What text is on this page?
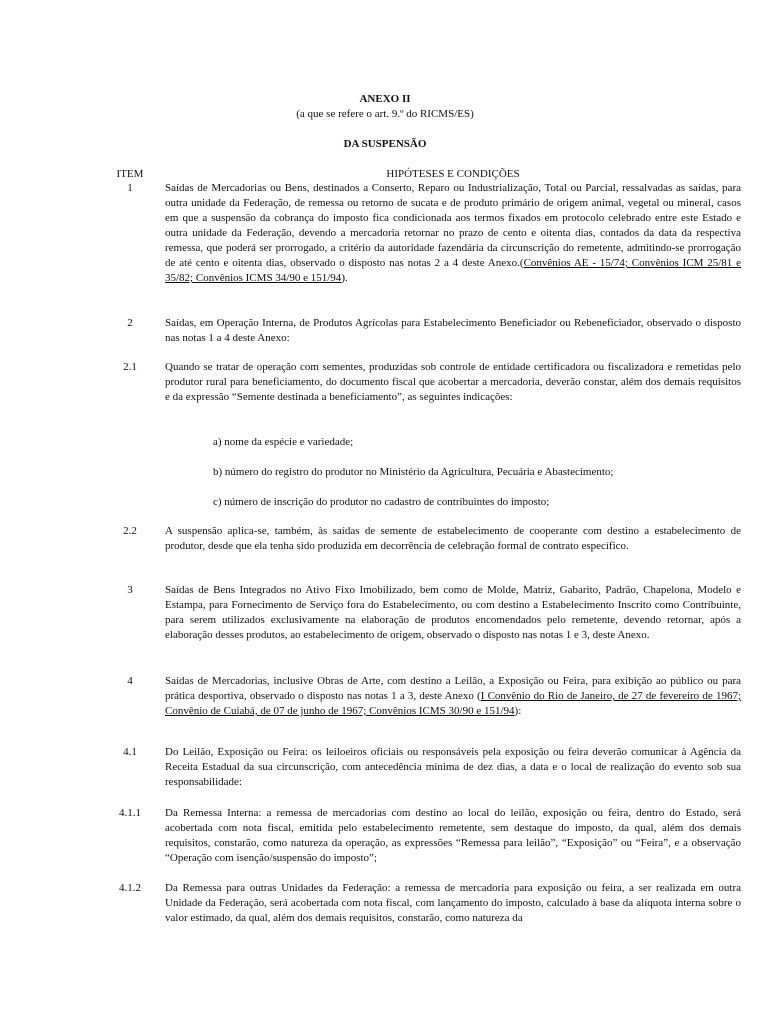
ANEXO II
(a que se refere o art. 9.º do RICMS/ES)
DA SUSPENSÃO
ITEM	HIPÓTESES E CONDIÇÕES
1	Saídas de Mercadorias ou Bens, destinados a Conserto, Reparo ou Industrialização, Total ou Parcial, ressalvadas as saídas, para outra unidade da Federação, de remessa ou retorno de sucata e de produto primário de origem animal, vegetal ou mineral, casos em que a suspensão da cobrança do imposto fica condicionada aos termos fixados em protocolo celebrado entre este Estado e outra unidade da Federação, devendo a mercadoria retornar no prazo de cento e oitenta dias, contados da data da respectiva remessa, que poderá ser prorrogado, a critério da autoridade fazendária da circunscrição do remetente, admitindo-se prorrogação de até cento e oitenta dias, observado o disposto nas notas 2 a 4 deste Anexo.(Convênios AE - 15/74; Convênios ICM 25/81 e 35/82; Convênios ICMS 34/90 e 151/94).
2	Saídas, em Operação Interna, de Produtos Agrícolas para Estabelecimento Beneficiador ou Rebeneficiador, observado o disposto nas notas 1 a 4 deste Anexo:
2.1	Quando se tratar de operação com sementes, produzidas sob controle de entidade certificadora ou fiscalizadora e remetidas pelo produtor rural para beneficiamento, do documento fiscal que acobertar a mercadoria, deverão constar, além dos demais requisitos e da expressão “Semente destinada a beneficiamento”, as seguintes indicações:
a) nome da espécie e variedade;
b) número do registro do produtor no Ministério da Agricultura, Pecuária e Abastecimento;
c) número de inscrição do produtor no cadastro de contribuintes do imposto;
2.2	A suspensão aplica-se, também, às saídas de semente de estabelecimento de cooperante com destino a estabelecimento de produtor, desde que ela tenha sido produzida em decorrência de celebração formal de contrato específico.
3	Saídas de Bens Integrados no Ativo Fixo Imobilizado, bem como de Molde, Matriz, Gabarito, Padrão, Chapelona, Modelo e Estampa, para Fornecimento de Serviço fora do Estabelecimento, ou com destino a Estabelecimento Inscrito como Contribuinte, para serem utilizados exclusivamente na elaboração de produtos encomendados pelo remetente, devendo retornar, após a elaboração desses produtos, ao estabelecimento de origem, observado o disposto nas notas 1 e 3, deste Anexo.
4	Saídas de Mercadorias, inclusive Obras de Arte, com destino a Leilão, a Exposição ou Feira, para exibição ao público ou para prática desportiva, observado o disposto nas notas 1 a 3, deste Anexo (I Convênio do Rio de Janeiro, de 27 de fevereiro de 1967; Convênio de Cuiabá, de 07 de junho de 1967; Convênios ICMS 30/90 e 151/94):
4.1	Do Leilão, Exposição ou Feira: os leiloeiros oficiais ou responsáveis pela exposição ou feira deverão comunicar à Agência da Receita Estadual da sua circunscrição, com antecedência mínima de dez dias, a data e o local de realização do evento sob sua responsabilidade:
4.1.1	Da Remessa Interna: a remessa de mercadorias com destino ao local do leilão, exposição ou feira, dentro do Estado, será acobertada com nota fiscal, emitida pelo estabelecimento remetente, sem destaque do imposto, da qual, além dos demais requisitos, constarão, como natureza da operação, as expressões “Remessa para leilão”, “Exposição” ou “Feira”, e a observação “Operação com isenção/suspensão do imposto”;
4.1.2	Da Remessa para outras Unidades da Federação: a remessa de mercadoria para exposição ou feira, a ser realizada em outra Unidade da Federação, será acobertada com nota fiscal, com lançamento do imposto, calculado à base da alíquota interna sobre o valor estimado, da qual, além dos demais requisitos, constarão, como natureza da
